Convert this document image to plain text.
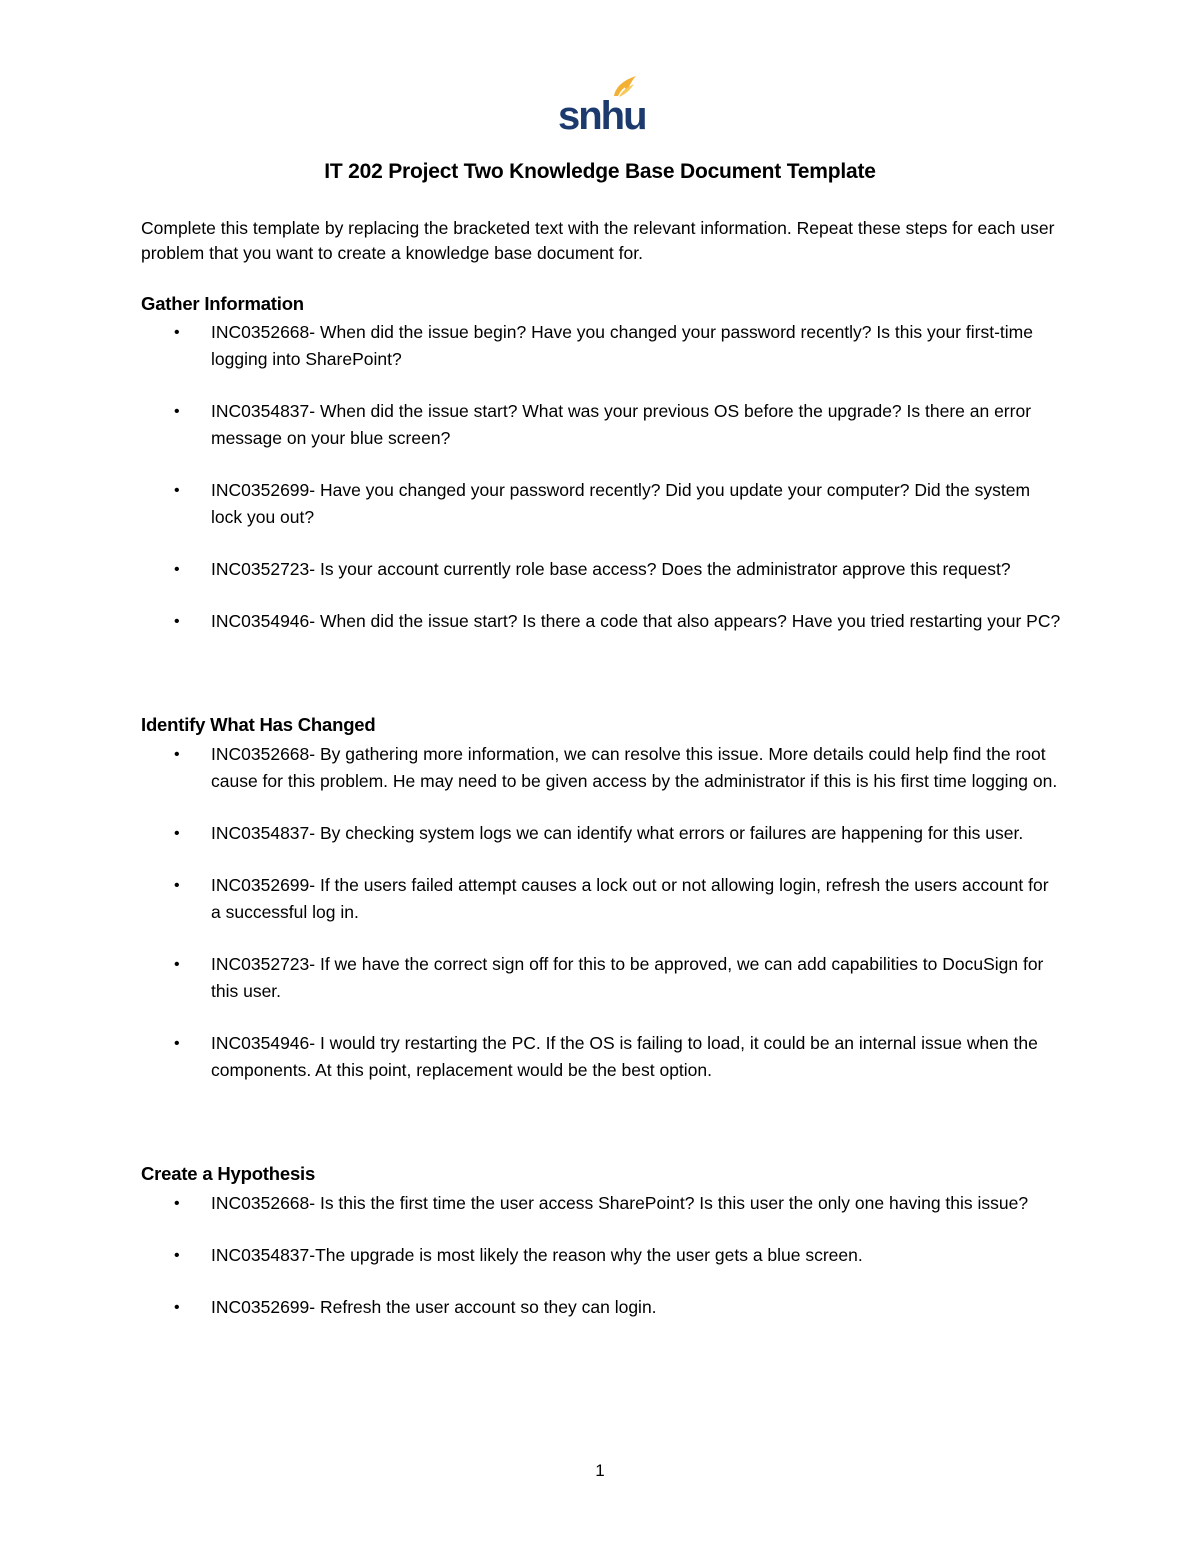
snhu
IT 202 Project Two Knowledge Base Document Template
Complete this template by replacing the bracketed text with the relevant information. Repeat these steps for each user problem that you want to create a knowledge base document for.
Gather Information
• INC0352668- When did the issue begin? Have you changed your password recently? Is this your first-time logging into SharePoint?
• INC0354837- When did the issue start? What was your previous OS before the upgrade? Is there an error message on your blue screen?
• INC0352699- Have you changed your password recently? Did you update your computer? Did the system lock you out?
• INC0352723- Is your account currently role base access? Does the administrator approve this request?
• INC0354946- When did the issue start? Is there a code that also appears? Have you tried restarting your PC?
Identify What Has Changed
• INC0352668- By gathering more information, we can resolve this issue. More details could help find the root cause for this problem. He may need to be given access by the administrator if this is his first time logging on.
• INC0354837- By checking system logs we can identify what errors or failures are happening for this user.
• INC0352699- If the users failed attempt causes a lock out or not allowing login, refresh the users account for a successful log in.
• INC0352723- If we have the correct sign off for this to be approved, we can add capabilities to DocuSign for this user.
• INC0354946- I would try restarting the PC. If the OS is failing to load, it could be an internal issue when the components. At this point, replacement would be the best option.
Create a Hypothesis
• INC0352668- Is this the first time the user access SharePoint? Is this user the only one having this issue?
• INC0354837-The upgrade is most likely the reason why the user gets a blue screen.
• INC0352699- Refresh the user account so they can login.
1
